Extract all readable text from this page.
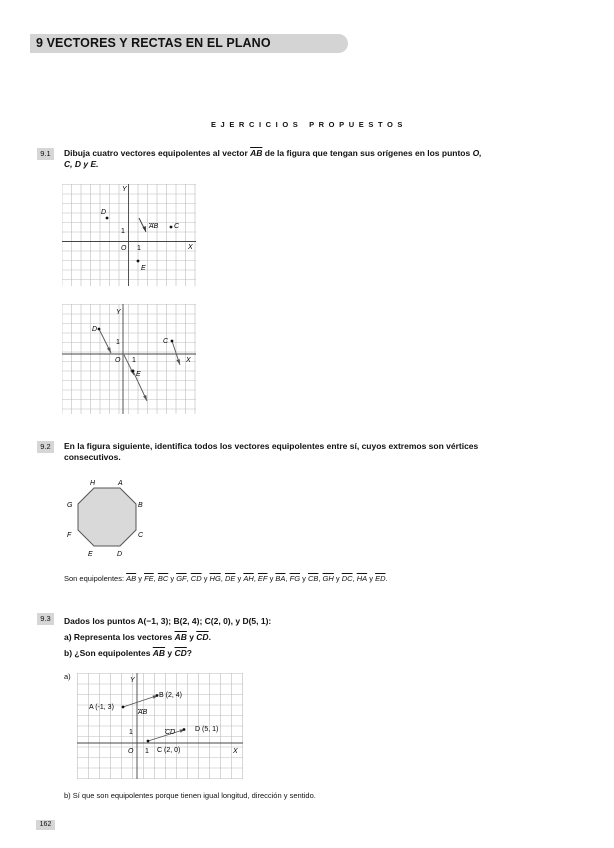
9 VECTORES Y RECTAS EN EL PLANO
EJERCICIOS PROPUESTOS
9.1	Dibuja cuatro vectores equipolentes al vector $\overline{AB}$ de la figura que tengan sus orígenes en los puntos O,
C, D y E.
Y
X
O 1
1
D
AB C
E
Y
X
O 1
1
D
C
E
9.2	En la figura siguiente, identifica todos los vectores equipolentes entre sí, cuyos extremos son vértices
consecutivos.
H	A
B
C
D
E
F
G
Son equipolentes: $\overline{AB}$ y $\overline{FE}$, $\overline{BC}$ y $\overline{GF}$, $\overline{CD}$ y $\overline{HG}$, $\overline{DE}$ y $\overline{AH}$, $\overline{EF}$ y $\overline{BA}$, $\overline{FG}$ y $\overline{CB}$, $\overline{GH}$ y $\overline{DC}$, $\overline{HA}$ y $\overline{ED}$.
9.3	Dados los puntos A(−1, 3); B(2, 4); C(2, 0), y D(5, 1):
a) Representa los vectores $\overline{AB}$ y $\overline{CD}$.
b) ¿Son equipolentes $\overline{AB}$ y $\overline{CD}$?
a)	Y
X
O 1
1
A (-1, 3)
B (2, 4)
AB
C (2, 0)
D (5, 1)
CD
b) Sí que son equipolentes porque tienen igual longitud, dirección y sentido.
162
